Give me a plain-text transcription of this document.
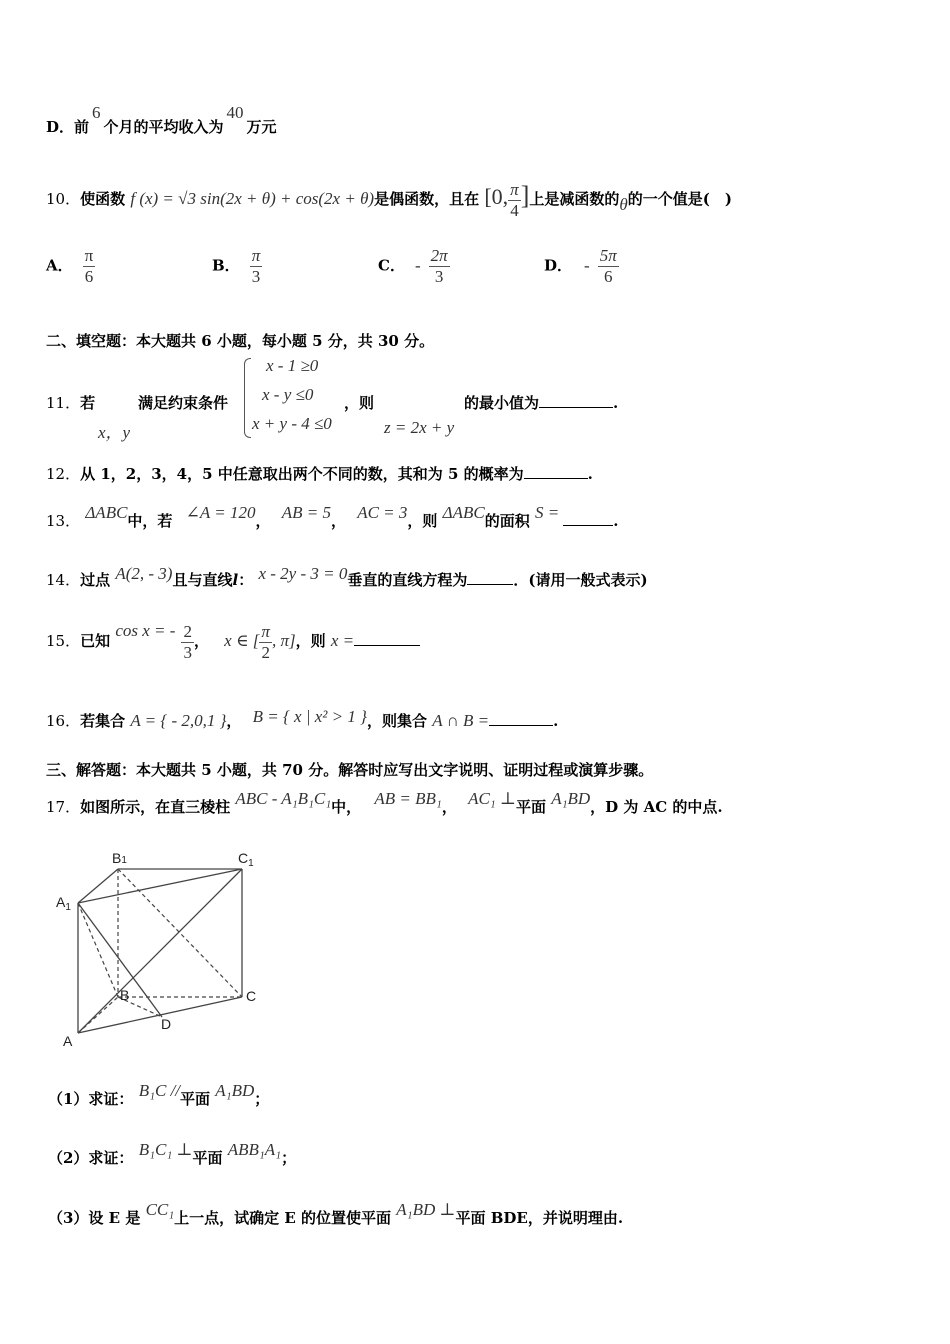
D．前6个月的平均收入为40万元
10．使函数 f (x) = √3 sin(2x + θ) + cos(2x + θ)是偶函数，且在 [0, $\frac{\pi}{4}$ ]上是减函数的θ的一个值是(　)
A． $\frac{\pi}{6}$	B． $\frac{\pi}{3}$	C． - $\frac{2\pi}{3}$	D． - $\frac{5\pi}{6}$
二、填空题：本大题共 6 小题，每小题 5 分，共 30 分。
11．若
x，y
满足约束条件
x - 1 ≥0
x - y ≤0
x + y - 4 ≤0
，则
z = 2x + y
的最小值为	.
12．从 1，2，3，4，5 中任意取出两个不同的数，其和为 5 的概率为	.
13． ΔABC中，若 ∠A = 120， AB = 5， AC = 3，则 ΔABC的面积 S =	.
14．过点 A(2, - 3)且与直线l： x - 2y - 3 = 0垂直的直线方程为	．(请用一般式表示)
15．已知 cos x = - $\frac{2}{3}$ ， x ∈ [ $\frac{\pi}{2}$ , π]，则 x =
16．若集合 A = { - 2,0,1 }， B = { x | x² > 1 }，则集合 A ∩ B =	.
三、解答题：本大题共 5 小题，共 70 分。解答时应写出文字说明、证明过程或演算步骤。
17．如图所示，在直三棱柱 ABC - A₁B₁C₁中， AB = BB₁， AC₁ ⊥平面 A₁BD，D 为 AC 的中点.
B1	$C_1$
$A_1$
B	C
A
D
（1）求证： B₁C //平面 A₁BD；
（2）求证： B₁C₁ ⊥平面 ABB₁A₁；
（3）设 E 是 CC₁上一点，试确定 E 的位置使平面 A₁BD ⊥平面 BDE，并说明理由.
